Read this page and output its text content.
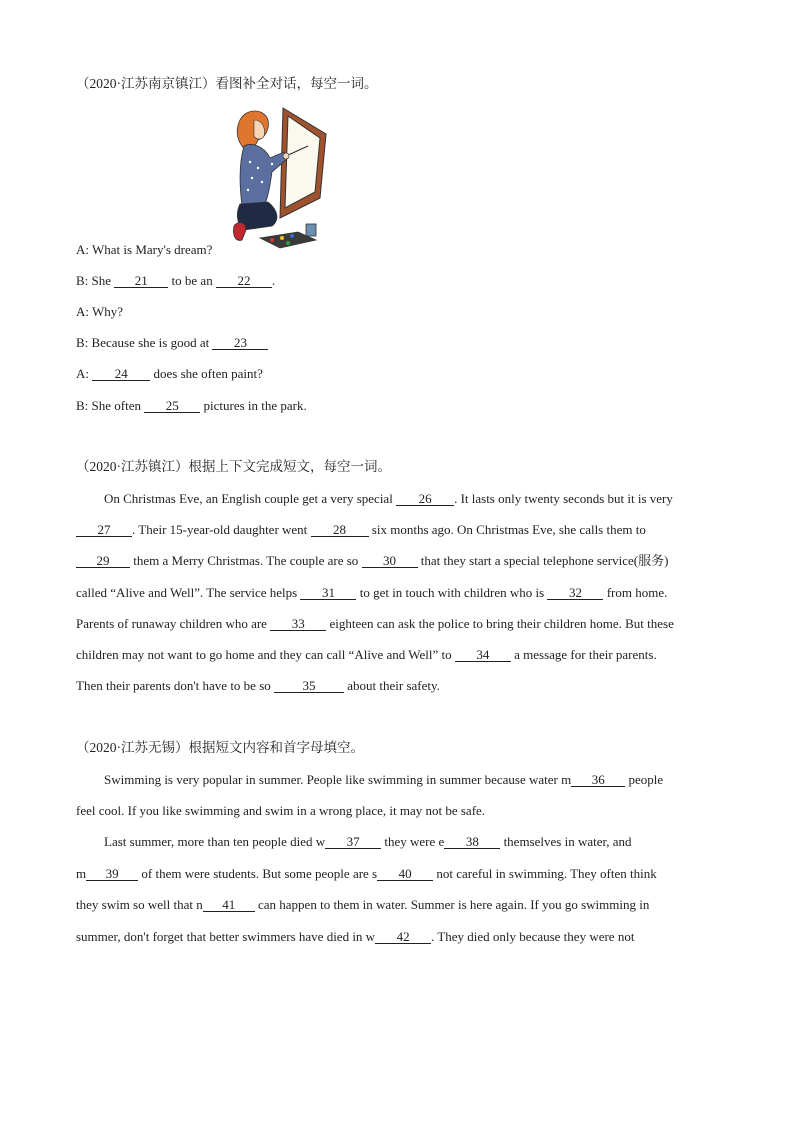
（2020·江苏南京镇江）看图补全对话，每空一词。
A: What is Mary's dream?
B: She 21 to be an 22 .
A: Why?
B: Because she is good at 23
A: 24 does she often paint?
B: She often 25 pictures in the park.
（2020·江苏镇江）根据上下文完成短文，每空一词。
On Christmas Eve, an English couple get a very special 26 . It lasts only twenty seconds but it is very
27 . Their 15-year-old daughter went 28 six months ago. On Christmas Eve, she calls them to
29 them a Merry Christmas. The couple are so 30 that they start a special telephone service(服务)
called “Alive and Well”. The service helps 31 to get in touch with children who is 32 from home.
Parents of runaway children who are 33 eighteen can ask the police to bring their children home. But these
children may not want to go home and they can call “Alive and Well” to 34 a message for their parents.
Then their parents don't have to be so 35 about their safety.
（2020·江苏无锡）根据短文内容和首字母填空。
Swimming is very popular in summer. People like swimming in summer because water m 36 people
feel cool. If you like swimming and swim in a wrong place, it may not be safe.
Last summer, more than ten people died w 37 they were e 38 themselves in water, and
m 39 of them were students. But some people are s 40 not careful in swimming. They often think
they swim so well that n 41 can happen to them in water. Summer is here again. If you go swimming in
summer, don't forget that better swimmers have died in w 42 . They died only because they were not
